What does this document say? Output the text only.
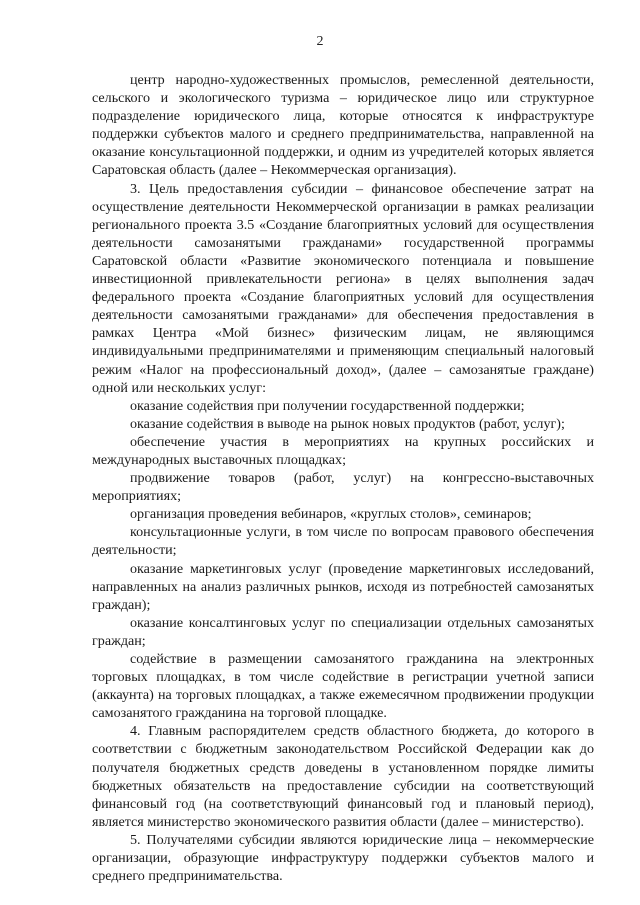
2

центр народно-художественных промыслов, ремесленной деятельности, сельского и экологического туризма – юридическое лицо или структурное подразделение юридического лица, которые относятся к инфраструктуре поддержки субъектов малого и среднего предпринимательства, направленной на оказание консультационной поддержки, и одним из учредителей которых является Саратовская область (далее – Некоммерческая организация).

3. Цель предоставления субсидии – финансовое обеспечение затрат на осуществление деятельности Некоммерческой организации в рамках реализации регионального проекта 3.5 «Создание благоприятных условий для осуществления деятельности самозанятыми гражданами» государственной программы Саратовской области «Развитие экономического потенциала и повышение инвестиционной привлекательности региона» в целях выполнения задач федерального проекта «Создание благоприятных условий для осуществления деятельности самозанятыми гражданами» для обеспечения предоставления в рамках Центра «Мой бизнес» физическим лицам, не являющимся индивидуальными предпринимателями и применяющим специальный налоговый режим «Налог на профессиональный доход», (далее – самозанятые граждане) одной или нескольких услуг:

оказание содействия при получении государственной поддержки;

оказание содействия в выводе на рынок новых продуктов (работ, услуг);

обеспечение участия в мероприятиях на крупных российских и международных выставочных площадках;

продвижение товаров (работ, услуг) на конгрессно-выставочных мероприятиях;

организация проведения вебинаров, «круглых столов», семинаров;

консультационные услуги, в том числе по вопросам правового обеспечения деятельности;

оказание маркетинговых услуг (проведение маркетинговых исследований, направленных на анализ различных рынков, исходя из потребностей самозанятых граждан);

оказание консалтинговых услуг по специализации отдельных самозанятых граждан;

содействие в размещении самозанятого гражданина на электронных торговых площадках, в том числе содействие в регистрации учетной записи (аккаунта) на торговых площадках, а также ежемесячном продвижении продукции самозанятого гражданина на торговой площадке.

4. Главным распорядителем средств областного бюджета, до которого в соответствии с бюджетным законодательством Российской Федерации как до получателя бюджетных средств доведены в установленном порядке лимиты бюджетных обязательств на предоставление субсидии на соответствующий финансовый год (на соответствующий финансовый год и плановый период), является министерство экономического развития области (далее – министерство).

5. Получателями субсидии являются юридические лица – некоммерческие организации, образующие инфраструктуру поддержки субъектов малого и среднего предпринимательства.
